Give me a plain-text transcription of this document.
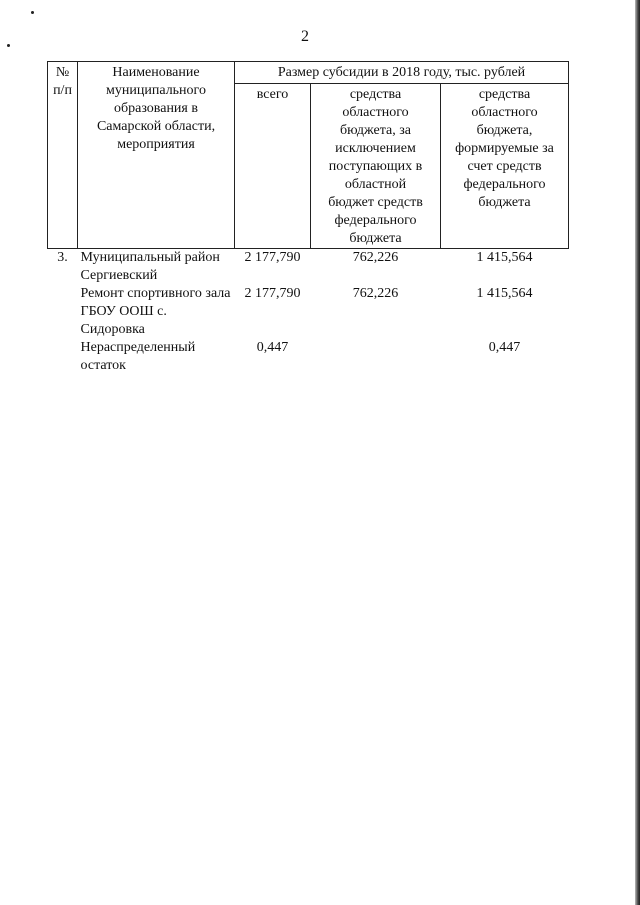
2
№ п/п	Наименование муниципального образования в Самарской области, мероприятия	Размер субсидии в 2018 году, тыс. рублей		
		всего	средства областного бюджета, за исключением поступающих в областной бюджет средств федерального бюджета	средства областного бюджета, формируемые за счет средств федерального бюджета
3.	Муниципальный район Сергиевский	2 177,790	762,226	1 415,564
	Ремонт спортивного зала ГБОУ ООШ с. Сидоровка	2 177,790	762,226	1 415,564
	Нераспределенный остаток	0,447		0,447
